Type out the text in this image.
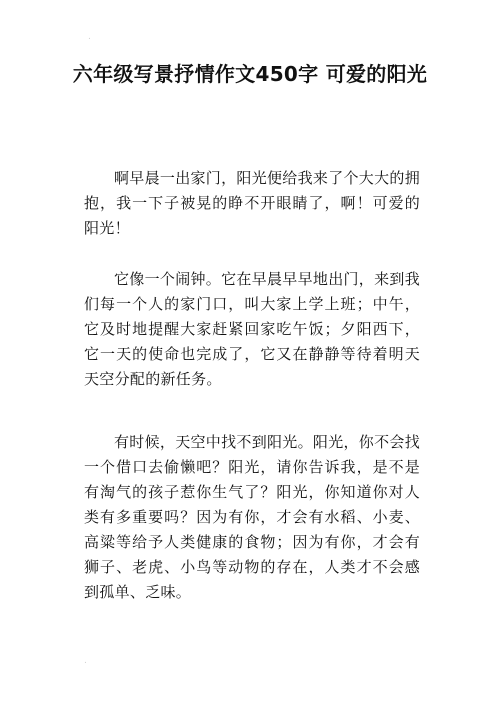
.
六年级写景抒情作文450字 可爱的阳光

啊早晨一出家门，阳光便给我来了个大大的拥抱，我一下子被晃的睁不开眼睛了，啊！可爱的阳光！

它像一个闹钟。它在早晨早早地出门，来到我们每一个人的家门口，叫大家上学上班；中午，它及时地提醒大家赶紧回家吃午饭；夕阳西下，它一天的使命也完成了，它又在静静等待着明天天空分配的新任务。

有时候，天空中找不到阳光。阳光，你不会找一个借口去偷懒吧？阳光，请你告诉我，是不是有淘气的孩子惹你生气了？阳光，你知道你对人类有多重要吗？因为有你，才会有水稻、小麦、高粱等给予人类健康的食物；因为有你，才会有狮子、老虎、小鸟等动物的存在，人类才不会感到孤单、乏味。

.
